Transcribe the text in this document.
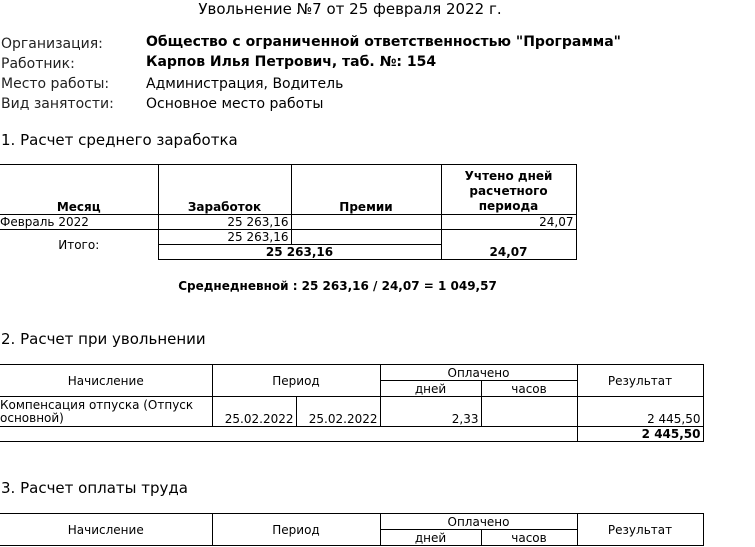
Увольнение №7 от 25 февраля 2022 г.
Организация:	Общество с ограниченной ответственностью "Программа"
Работник:	Карпов Илья Петрович, таб. №: 154
Место работы:	Администрация, Водитель
Вид занятости: Основное место работы
1. Расчет среднего заработка
Месяц	Заработок	Премии	Учтено дней
расчетного
периода

Февраль 2022	25 263,16		24,07
Итого:	25 263,16		24,07
	25 263,16		
Среднедневной : 25 263,16 / 24,07 = 1 049,57
2. Расчет при увольнении
Начисление	Период		Оплачено		Результат
			дней	часов	

Компенсация отпуска (Отпуск
основной)	25.02.2022	25.02.2022	2,33		2 445,50
					2 445,50
3. Расчет оплаты труда
Начисление	Период	Оплачено		Результат
		дней	часов	
